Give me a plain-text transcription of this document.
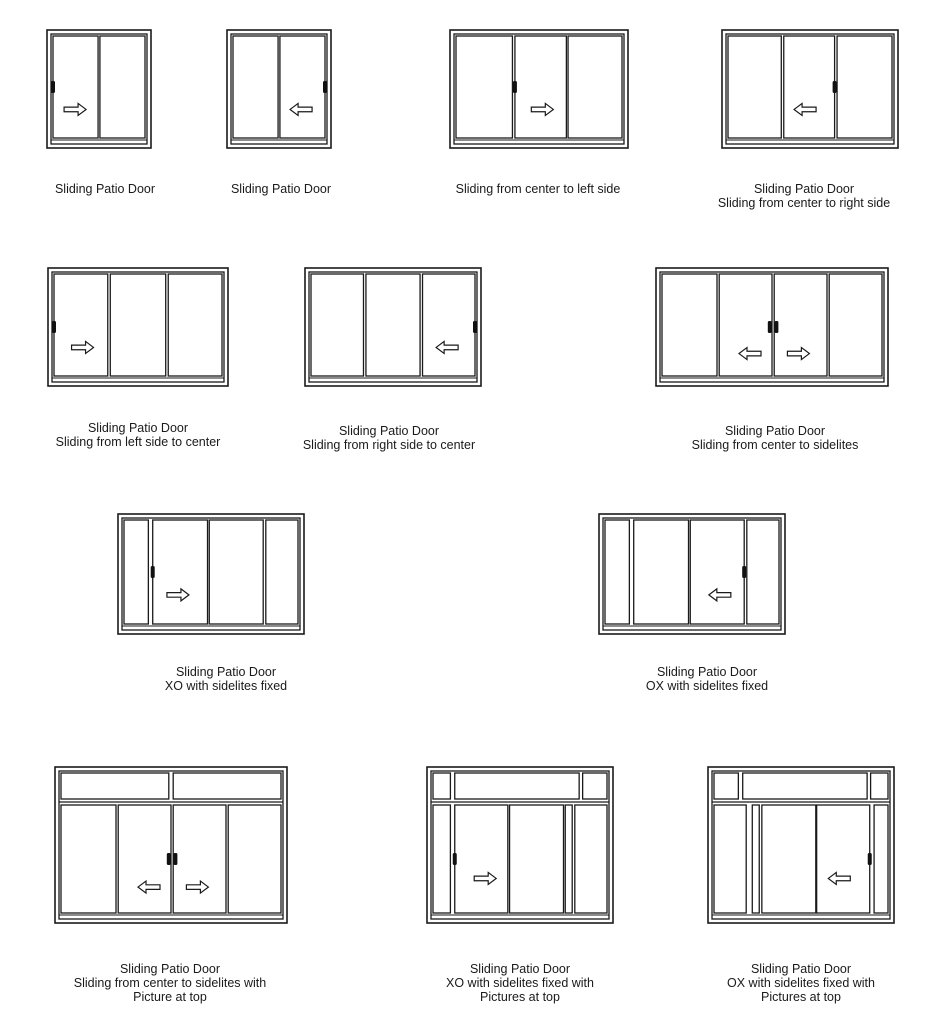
Sliding Patio Door	Sliding Patio Door	Sliding from center to left side	Sliding Patio Door
Sliding from center to right side
Sliding Patio Door
Sliding from left side to center
Sliding Patio Door
Sliding from right side to center
Sliding Patio Door
Sliding from center to sidelites
Sliding Patio Door
XO with sidelites fixed
Sliding Patio Door
OX with sidelites fixed
Sliding Patio Door
Sliding from center to sidelites with
Picture at top
Sliding Patio Door
XO with sidelites fixed with
Pictures at top
Sliding Patio Door
OX with sidelites fixed with
Pictures at top
